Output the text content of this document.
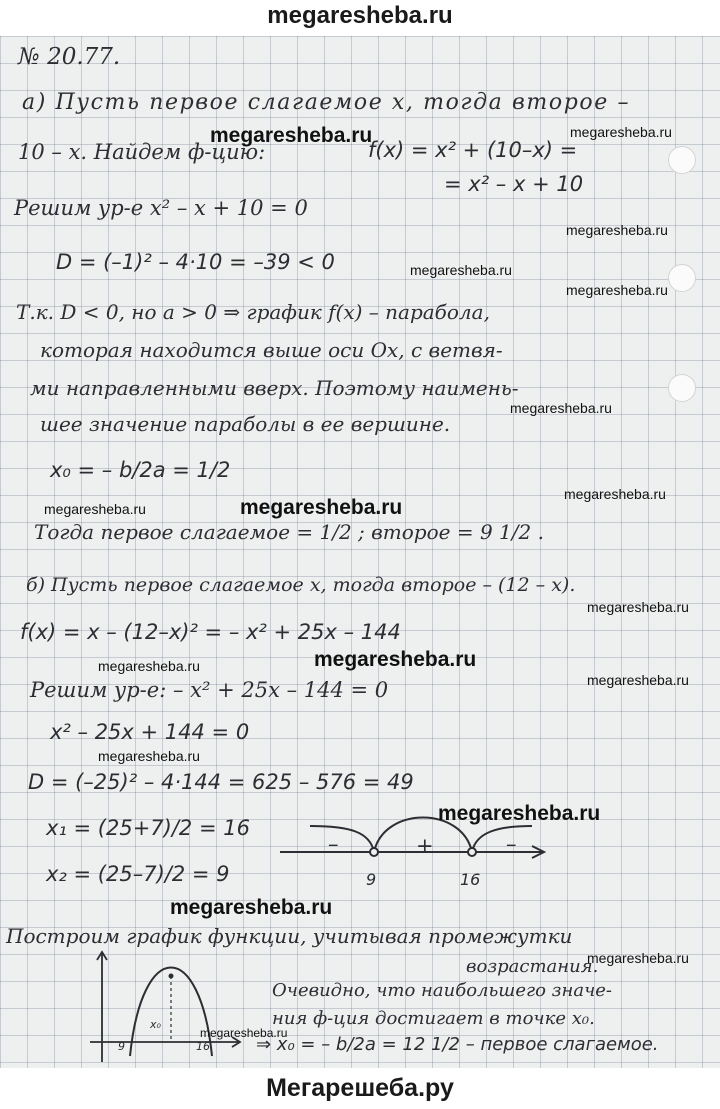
megaresheba.ru
№ 20.77.
а) Пусть первое слагаемое x, тогда второе –
10 – x. Найдем ф-цию:	f(x) = x² + (10–x) =
= x² – x + 10
Решим ур-е x² – x + 10 = 0
D = (–1)² – 4·10 = –39 < 0
Т.к. D < 0, но a > 0 ⇒ график f(x) – парабола,
которая находится выше оси Ox, с ветвя-
ми направленными вверх. Поэтому наимень-
шее значение параболы в ее вершине.
x₀ = – b/2a = 1/2
Тогда первое слагаемое = 1/2 ; второе = 9 1/2 .
б) Пусть первое слагаемое x, тогда второе – (12 – x).
f(x) = x – (12–x)² = – x² + 25x – 144
Решим ур-е: – x² + 25x – 144 = 0
x² – 25x + 144 = 0
D = (–25)² – 4·144 = 625 – 576 = 49
x₁ = (25+7)/2 = 16
x₂ = (25–7)/2 = 9
–	+	–
9	16
Построим график функции, учитывая промежутки
возрастания.
Очевидно, что наибольшего значе-
ния ф-ция достигает в точке x₀.
⇒ x₀ = – b/2a = 12 1/2 – первое слагаемое.
9	16
x₀
megaresheba.ru	megaresheba.ru
megaresheba.ru
megaresheba.ru
megaresheba.ru
megaresheba.ru
megaresheba.ru
megaresheba.ru
megaresheba.ru
megaresheba.ru
megaresheba.ru
megaresheba.ru
megaresheba.ru
megaresheba.ru
megaresheba.ru
megaresheba.ru
megaresheba.ru
megaresheba.ru
Мегарешеба.ру
